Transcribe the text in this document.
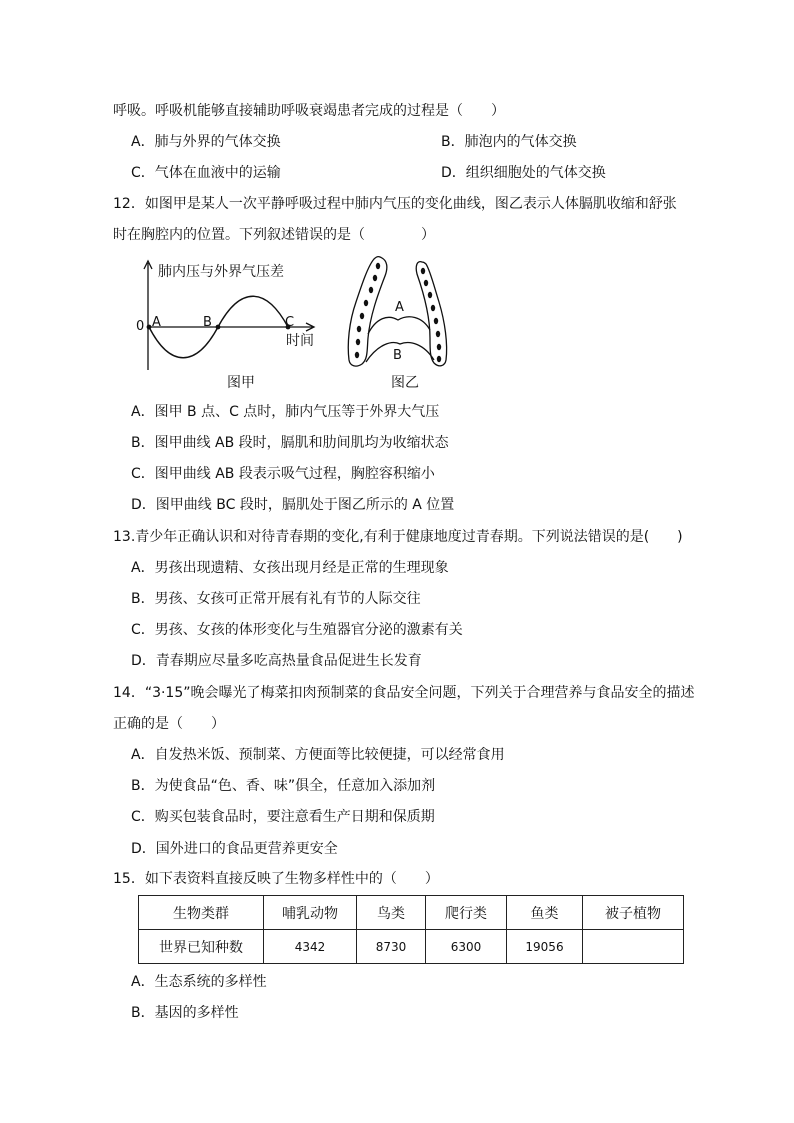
呼吸。呼吸机能够直接辅助呼吸衰竭患者完成的过程是（　　）
A．肺与外界的气体交换	B．肺泡内的气体交换
C．气体在血液中的运输	D．组织细胞处的气体交换
12．如图甲是某人一次平静呼吸过程中肺内气压的变化曲线，图乙表示人体膈肌收缩和舒张
时在胸腔内的位置。下列叙述错误的是（　　　　）
肺内压与外界气压差
0 A	B	C
时间
图甲
A
B
图乙
A．图甲 B 点、C 点时，肺内气压等于外界大气压
B．图甲曲线 AB 段时，膈肌和肋间肌均为收缩状态
C．图甲曲线 AB 段表示吸气过程，胸腔容积缩小
D．图甲曲线 BC 段时，膈肌处于图乙所示的 A 位置
13.青少年正确认识和对待青春期的变化,有利于健康地度过青春期。下列说法错误的是(　　)
A．男孩出现遗精、女孩出现月经是正常的生理现象
B．男孩、女孩可正常开展有礼有节的人际交往
C．男孩、女孩的体形变化与生殖器官分泌的激素有关
D．青春期应尽量多吃高热量食品促进生长发育
14．“3·15”晚会曝光了梅菜扣肉预制菜的食品安全问题，下列关于合理营养与食品安全的描述
正确的是（　　）
A．自发热米饭、预制菜、方便面等比较便捷，可以经常食用
B．为使食品“色、香、味”俱全，任意加入添加剂
C．购买包装食品时，要注意看生产日期和保质期
D．国外进口的食品更营养更安全
15．如下表资料直接反映了生物多样性中的（　　）
生物类群	哺乳动物	鸟类	爬行类	鱼类	被子植物
世界已知种数	4342	8730	6300	19056	
A．生态系统的多样性
B．基因的多样性
